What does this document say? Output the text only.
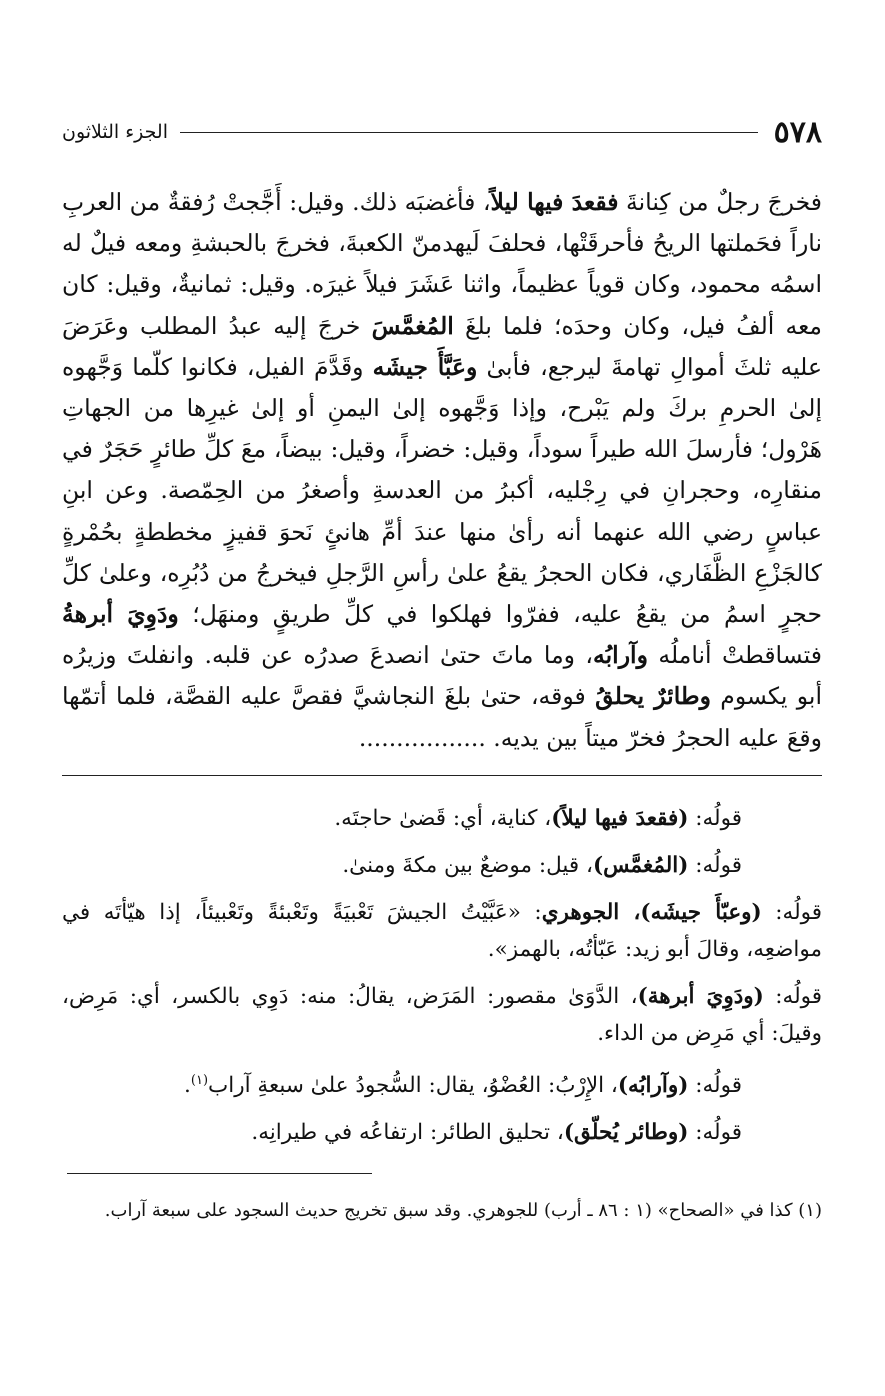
٥٧٨
الجزء الثلاثون
فخرجَ رجلٌ من كِنانةَ فقعدَ فيها ليلاً، فأغضبَه ذلك. وقيل: أَجَّجتْ رُفقةٌ من العربِ ناراً فحَملتها الريحُ فأحرقَتْها، فحلفَ لَيهدمنّ الكعبةَ، فخرجَ بالحبشةِ ومعه فيلٌ له اسمُه محمود، وكان قوياً عظيماً، واثنا عَشَرَ فيلاً غيرَه. وقيل: ثمانيةٌ، وقيل: كان معه ألفُ فيل، وكان وحدَه؛ فلما بلغَ المُغمَّسَ خرجَ إليه عبدُ المطلب وعَرَضَ عليه ثلثَ أموالِ تهامةَ ليرجع، فأبىٰ وعَبَّأَ جيشَه وقَدَّمَ الفيل، فكانوا كلّما وَجَّهوه إلىٰ الحرمِ بركَ ولم يَبْرح، وإذا وَجَّهوه إلىٰ اليمنِ أو إلىٰ غيرِها من الجهاتِ هَرْول؛ فأرسلَ الله طيراً سوداً، وقيل: خضراً، وقيل: بيضاً، معَ كلِّ طائرٍ حَجَرٌ في منقارِه، وحجرانِ في رِجْليه، أكبرُ من العدسةِ وأصغرُ من الحِمّصة. وعن ابنِ عباسٍ رضي الله عنهما أنه رأىٰ منها عندَ أمِّ هانئٍ نَحوَ قفيزٍ مخططةٍ بحُمْرةٍ كالجَزْعِ الظَّفَاري، فكان الحجرُ يقعُ علىٰ رأسِ الرَّجلِ فيخرجُ من دُبُرِه، وعلىٰ كلِّ حجرٍ اسمُ من يقعُ عليه، ففرّوا فهلكوا في كلِّ طريقٍ ومنهَل؛ ودَوِيَ أبرهةُ فتساقطتْ أناملُه وآرابُه، وما ماتَ حتىٰ انصدعَ صدرُه عن قلبه. وانفلتَ وزيرُه أبو يكسوم وطائرٌ يحلقُ فوقه، حتىٰ بلغَ النجاشيَّ فقصَّ عليه القصَّة، فلما أتمّها وقعَ عليه الحجرُ فخرّ ميتاً بين يديه. .................

قولُه: (فقعدَ فيها ليلاً)، كناية، أي: قَضىٰ حاجتَه.

قولُه: (المُغمَّس)، قيل: موضعٌ بين مكةَ ومنىٰ.

قولُه: (وعبّأَ جيشَه)، الجوهري: «عَبَّيْتُ الجيشَ تَعْبيَةً وتَعْبئةً وتَعْبيئاً، إذا هيّأتَه في مواضعِه، وقالَ أبو زيد: عَبّأتُه، بالهمز».

قولُه: (ودَوِيَ أبرهة)، الدَّوَىٰ مقصور: المَرَض، يقالُ: منه: دَوِي بالكسر، أي: مَرِض، وقيلَ: أي مَرِض من الداء.

قولُه: (وآرابُه)، الإِرْبُ: العُضْوُ، يقال: السُّجودُ علىٰ سبعةِ آراب$^{(١)}$.

قولُه: (وطائر يُحلّق)، تحليق الطائر: ارتفاعُه في طيرانِه.

(١) كذا في «الصحاح» (١ : ٨٦ ـ أرب) للجوهري. وقد سبق تخريج حديث السجود على سبعة آراب.
